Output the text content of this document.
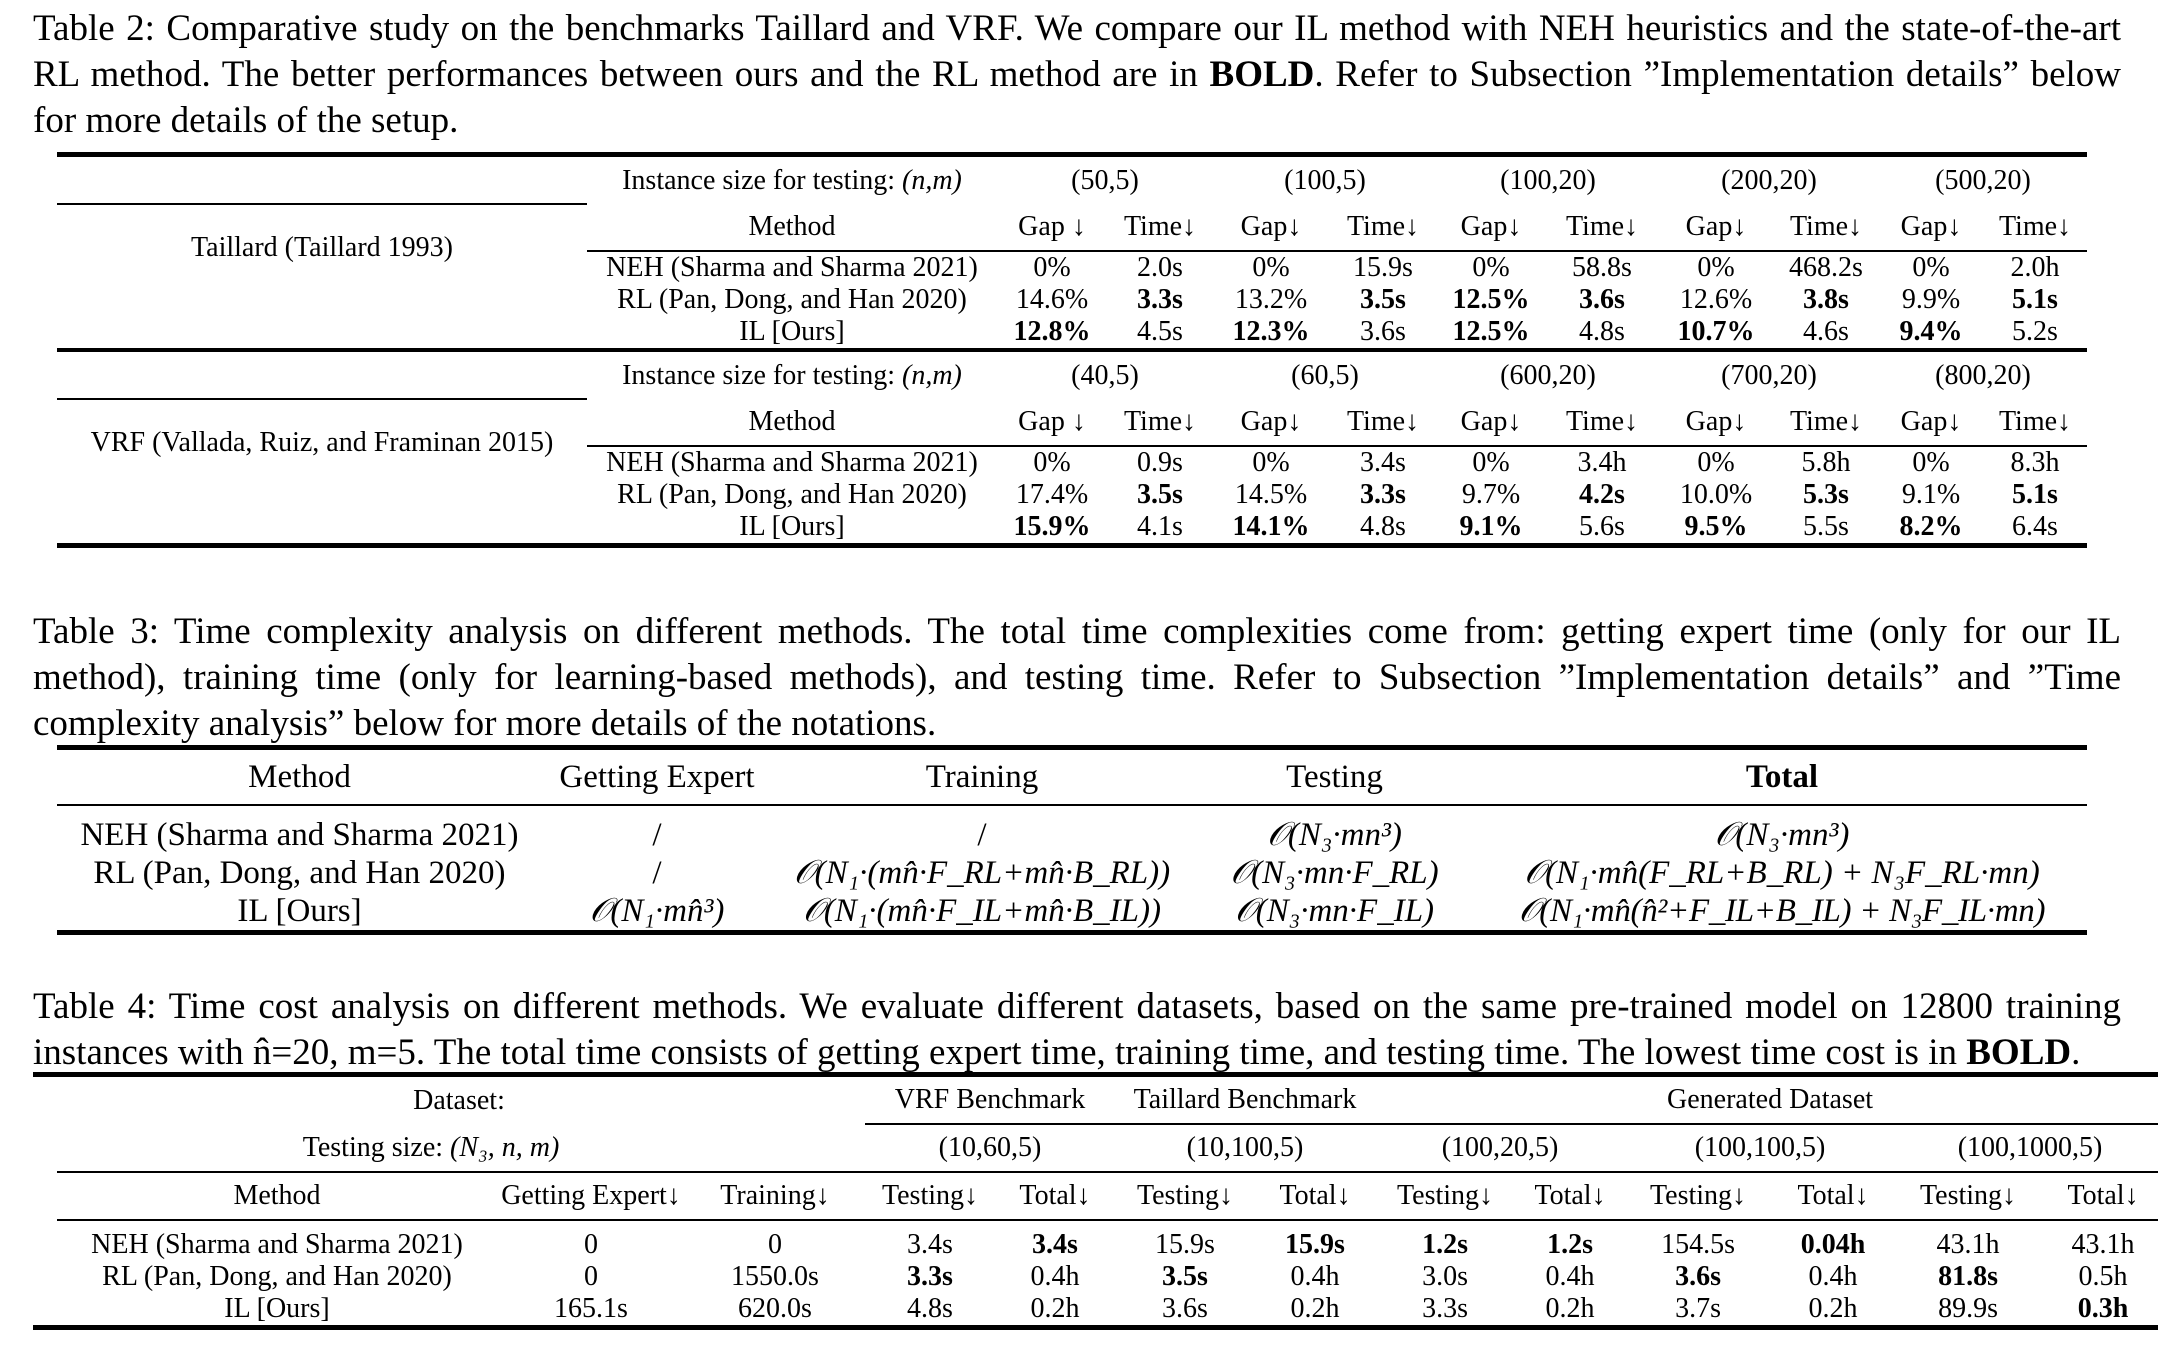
Table 2: Comparative study on the benchmarks Taillard and VRF. We compare our IL method with NEH heuristics and the state-of-the-art RL method. The better performances between ours and the RL method are in BOLD. Refer to Subsection ”Implementation details” below for more details of the setup.

	Instance size for testing: (n,m)	(50,5)		(100,5)		(100,20)		(200,20)		(500,20)	
Taillard (Taillard 1993)	Method	Gap ↓	Time↓	Gap↓	Time↓	Gap↓	Time↓	Gap↓	Time↓	Gap↓	Time↓
	NEH (Sharma and Sharma 2021)	0%	2.0s	0%	15.9s	0%	58.8s	0%	468.2s	0%	2.0h
	RL (Pan, Dong, and Han 2020)	14.6%	3.3s	13.2%	3.5s	12.5%	3.6s	12.6%	3.8s	9.9%	5.1s
	IL [Ours]	12.8%	4.5s	12.3%	3.6s	12.5%	4.8s	10.7%	4.6s	9.4%	5.2s
	Instance size for testing: (n,m)	(40,5)		(60,5)		(600,20)		(700,20)		(800,20)	
VRF (Vallada, Ruiz, and Framinan 2015)	Method	Gap ↓	Time↓	Gap↓	Time↓	Gap↓	Time↓	Gap↓	Time↓	Gap↓	Time↓
	NEH (Sharma and Sharma 2021)	0%	0.9s	0%	3.4s	0%	3.4h	0%	5.8h	0%	8.3h
	RL (Pan, Dong, and Han 2020)	17.4%	3.5s	14.5%	3.3s	9.7%	4.2s	10.0%	5.3s	9.1%	5.1s
	IL [Ours]	15.9%	4.1s	14.1%	4.8s	9.1%	5.6s	9.5%	5.5s	8.2%	6.4s

Table 3: Time complexity analysis on different methods. The total time complexities come from: getting expert time (only for our IL method), training time (only for learning-based methods), and testing time. Refer to Subsection ”Implementation details” and ”Time complexity analysis” below for more details of the notations.

Method	Getting Expert	Training	Testing	Total
NEH (Sharma and Sharma 2021)	/	/	𝒪(N₃·mn³)	𝒪(N₃·mn³)
RL (Pan, Dong, and Han 2020)	/	𝒪(N₁·(mn̂·F_RL+mn̂·B_RL))	𝒪(N₃·mn·F_RL)	𝒪(N₁·mn̂(F_RL+B_RL) + N₃F_RL·mn)
IL [Ours]	𝒪(N₁·mn̂³)	𝒪(N₁·(mn̂·F_IL+mn̂·B_IL))	𝒪(N₃·mn·F_IL)	𝒪(N₁·mn̂(n̂²+F_IL+B_IL) + N₃F_IL·mn)

Table 4: Time cost analysis on different methods. We evaluate different datasets, based on the same pre-trained model on 12800 training instances with n̂=20, m=5. The total time consists of getting expert time, training time, and testing time. The lowest time cost is in BOLD.

Dataset:				VRF Benchmark		Taillard Benchmark		Generated Dataset						
	Testing size: (N₃, n, m)			(10,60,5)		(10,100,5)		(100,20,5)		(100,100,5)		(100,1000,5)		
	Method	Getting Expert↓	Training↓	Testing↓	Total↓	Testing↓	Total↓	Testing↓	Total↓	Testing↓	Total↓	Testing↓	Total↓	
	NEH (Sharma and Sharma 2021)	0	0	3.4s	3.4s	15.9s	15.9s	1.2s	1.2s	154.5s	0.04h	43.1h	43.1h	
	RL (Pan, Dong, and Han 2020)	0	1550.0s	3.3s	0.4h	3.5s	0.4h	3.0s	0.4h	3.6s	0.4h	81.8s	0.5h	
	IL [Ours]	165.1s	620.0s	4.8s	0.2h	3.6s	0.2h	3.3s	0.2h	3.7s	0.2h	89.9s	0.3h	
